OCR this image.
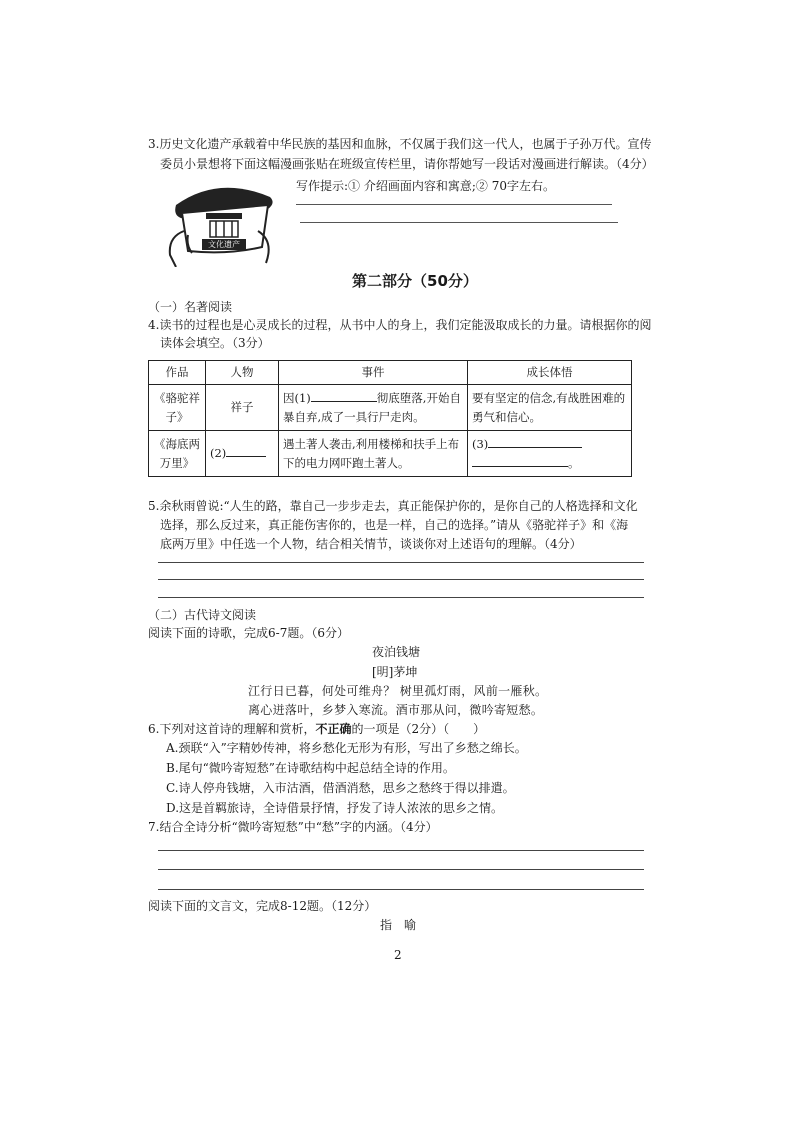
3.历史文化遗产承载着中华民族的基因和血脉，不仅属于我们这一代人，也属于子孙万代。宣传
委员小景想将下面这幅漫画张贴在班级宣传栏里，请你帮她写一段话对漫画进行解读。（4分）
文化遗产
写作提示:① 介绍画面内容和寓意;② 70字左右。
第二部分（50分）
（一）名著阅读
4.读书的过程也是心灵成长的过程，从书中人的身上，我们定能汲取成长的力量。请根据你的阅
读体会填空。（3分）
作品	人物	事件	成长体悟
《骆驼祥子》	祥子	因(1) 彻底堕落,开始自暴自弃,成了一具行尸走肉。	要有坚定的信念,有战胜困难的勇气和信心。
《海底两万里》	(2)	遇土著人袭击,利用楼梯和扶手上布下的电力网吓跑土著人。	(3)
。
5.余秋雨曾说:“人生的路，靠自己一步步走去，真正能保护你的，是你自己的人格选择和文化
选择，那么反过来，真正能伤害你的，也是一样，自己的选择。”请从《骆驼祥子》和《海
底两万里》中任选一个人物，结合相关情节，谈谈你对上述语句的理解。（4分）
（二）古代诗文阅读
阅读下面的诗歌，完成6-7题。（6分）
夜泊钱塘
[明]茅坤
江行日已暮，何处可维舟？ 树里孤灯雨，风前一雁秋。
离心迸落叶，乡梦入寒流。酒市那从问，微吟寄短愁。
6.下列对这首诗的理解和赏析，不正确的一项是（2分）（　　）
A.颈联“入”字精妙传神，将乡愁化无形为有形，写出了乡愁之绵长。
B.尾句“微吟寄短愁”在诗歌结构中起总结全诗的作用。
C.诗人停舟钱塘，入市沽酒，借酒消愁，思乡之愁终于得以排遣。
D.这是首羁旅诗，全诗借景抒情，抒发了诗人浓浓的思乡之情。
7.结合全诗分析“微吟寄短愁”中“愁”字的内涵。（4分）
阅读下面的文言文，完成8-12题。（12分）
指　喻
2
